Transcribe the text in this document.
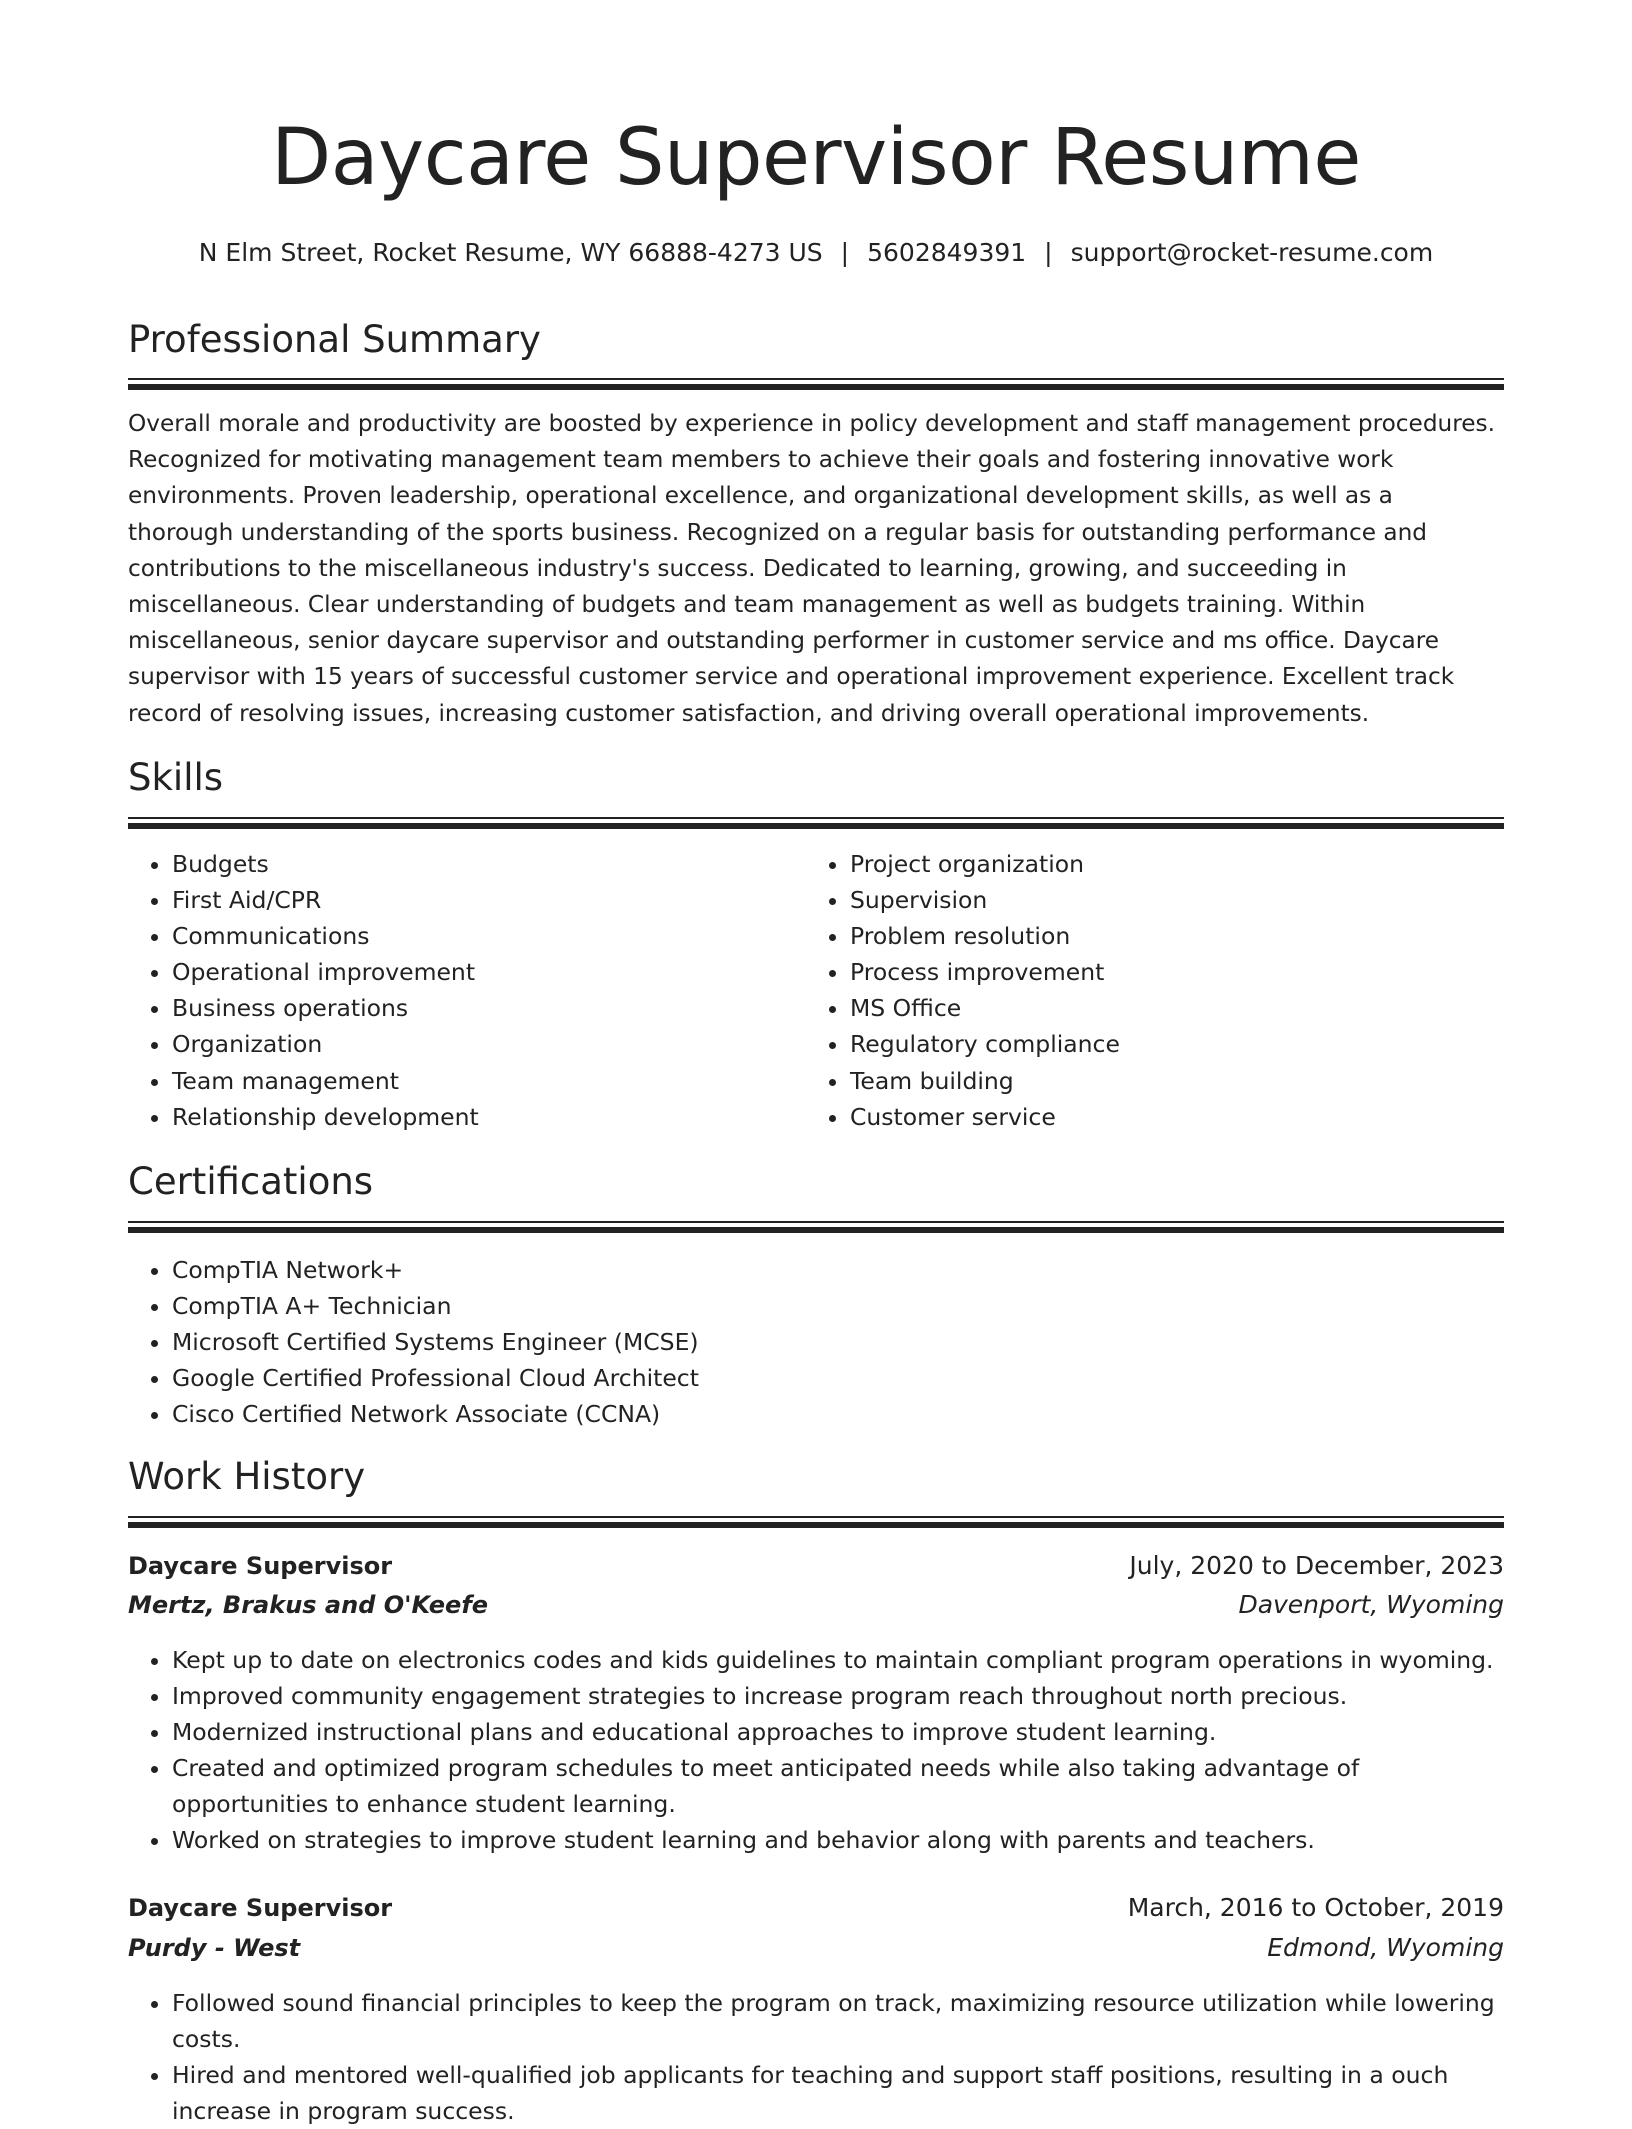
Daycare Supervisor Resume
N Elm Street, Rocket Resume, WY 66888-4273 US | 5602849391 | support@rocket-resume.com
Professional Summary

Overall morale and productivity are boosted by experience in policy development and staff management procedures. Recognized for motivating management team members to achieve their goals and fostering innovative work environments. Proven leadership, operational excellence, and organizational development skills, as well as a thorough understanding of the sports business. Recognized on a regular basis for outstanding performance and contributions to the miscellaneous industry's success. Dedicated to learning, growing, and succeeding in miscellaneous. Clear understanding of budgets and team management as well as budgets training. Within miscellaneous, senior daycare supervisor and outstanding performer in customer service and ms office. Daycare supervisor with 15 years of successful customer service and operational improvement experience. Excellent track record of resolving issues, increasing customer satisfaction, and driving overall operational improvements.

Skills
• Budgets
• First Aid/CPR
• Communications
• Operational improvement
• Business operations
• Organization
• Team management
• Relationship development
• Project organization
• Supervision
• Problem resolution
• Process improvement
• MS Office
• Regulatory compliance
• Team building
• Customer service
Certifications
• CompTIA Network+
• CompTIA A+ Technician
• Microsoft Certified Systems Engineer (MCSE)
• Google Certified Professional Cloud Architect
• Cisco Certified Network Associate (CCNA)
Work History
Daycare Supervisor	July, 2020 to December, 2023
Mertz, Brakus and O'Keefe	Davenport, Wyoming
• Kept up to date on electronics codes and kids guidelines to maintain compliant program operations in wyoming.
• Improved community engagement strategies to increase program reach throughout north precious.
• Modernized instructional plans and educational approaches to improve student learning.
• Created and optimized program schedules to meet anticipated needs while also taking advantage of opportunities to enhance student learning.
• Worked on strategies to improve student learning and behavior along with parents and teachers.
Daycare Supervisor	March, 2016 to October, 2019
Purdy - West	Edmond, Wyoming
• Followed sound financial principles to keep the program on track, maximizing resource utilization while lowering costs.
• Hired and mentored well-qualified job applicants for teaching and support staff positions, resulting in a ouch increase in program success.
